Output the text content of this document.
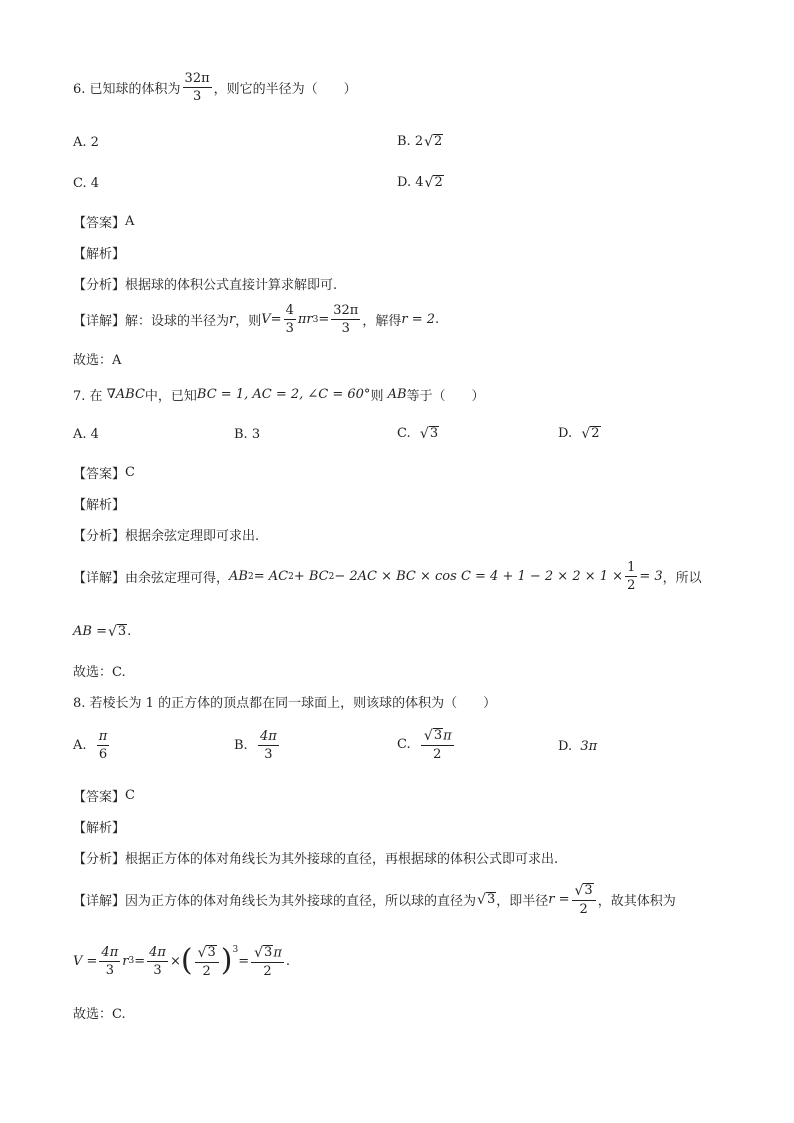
6. 已知球的体积为 $\frac{32\pi}{3}$ ，则它的半径为（　　）
A.
2	B.
2 √ 2
C.
4	D.
4 √ 2
【答案】 A
【解析】
【分析】 根据球的体积公式直接计算求解即可.
【详解】 解：设球的半径为 r ，则 $V = \frac{4}{3}$ πr $3 = \frac{32\pi}{3}$ ，解得 r = 2 .
故选：A
7. 在
∇ABC 中，已知 BC = 1, AC = 2, ∠C = 60° 则
AB 等于（　　）
A.
4	B.
3	C.
√ 3	D.
√ 2
【答案】 C
【解析】
【分析】 根据余弦定理即可求出.
【详解】 由余弦定理可得， AB 2 = AC 2 + BC 2 − 2AC × BC × $\cos C = 4 + 1 - 2 \times 2 \times 1 \times \frac{1}{2} = 3$ ，所以
AB = √ 3 .
故选：C.
8. 若棱长为 1 的正方体的顶点都在同一球面上，则该球的体积为（　　）
A.
$\frac{\pi}{6}$	B.
$\frac{4\pi}{3}$	C.
$\frac{√ 3 \pi}{2}$	D.
3π
【答案】 C
【解析】
【分析】 根据正方体的体对角线长为其外接球的直径，再根据球的体积公式即可求出.
【详解】 因为正方体的体对角线长为其外接球的直径，所以球的直径为 √ 3 ，即半径 $r = \frac{√ 3}{2}$ ，故其体积为
$V = \frac{4\pi}{3}$ r $3 = \frac{4\pi}{3}$ × ( $\frac{√ 3}{2} )^3$
= $\frac{√ 3 \pi}{2}$ .
故选：C.
